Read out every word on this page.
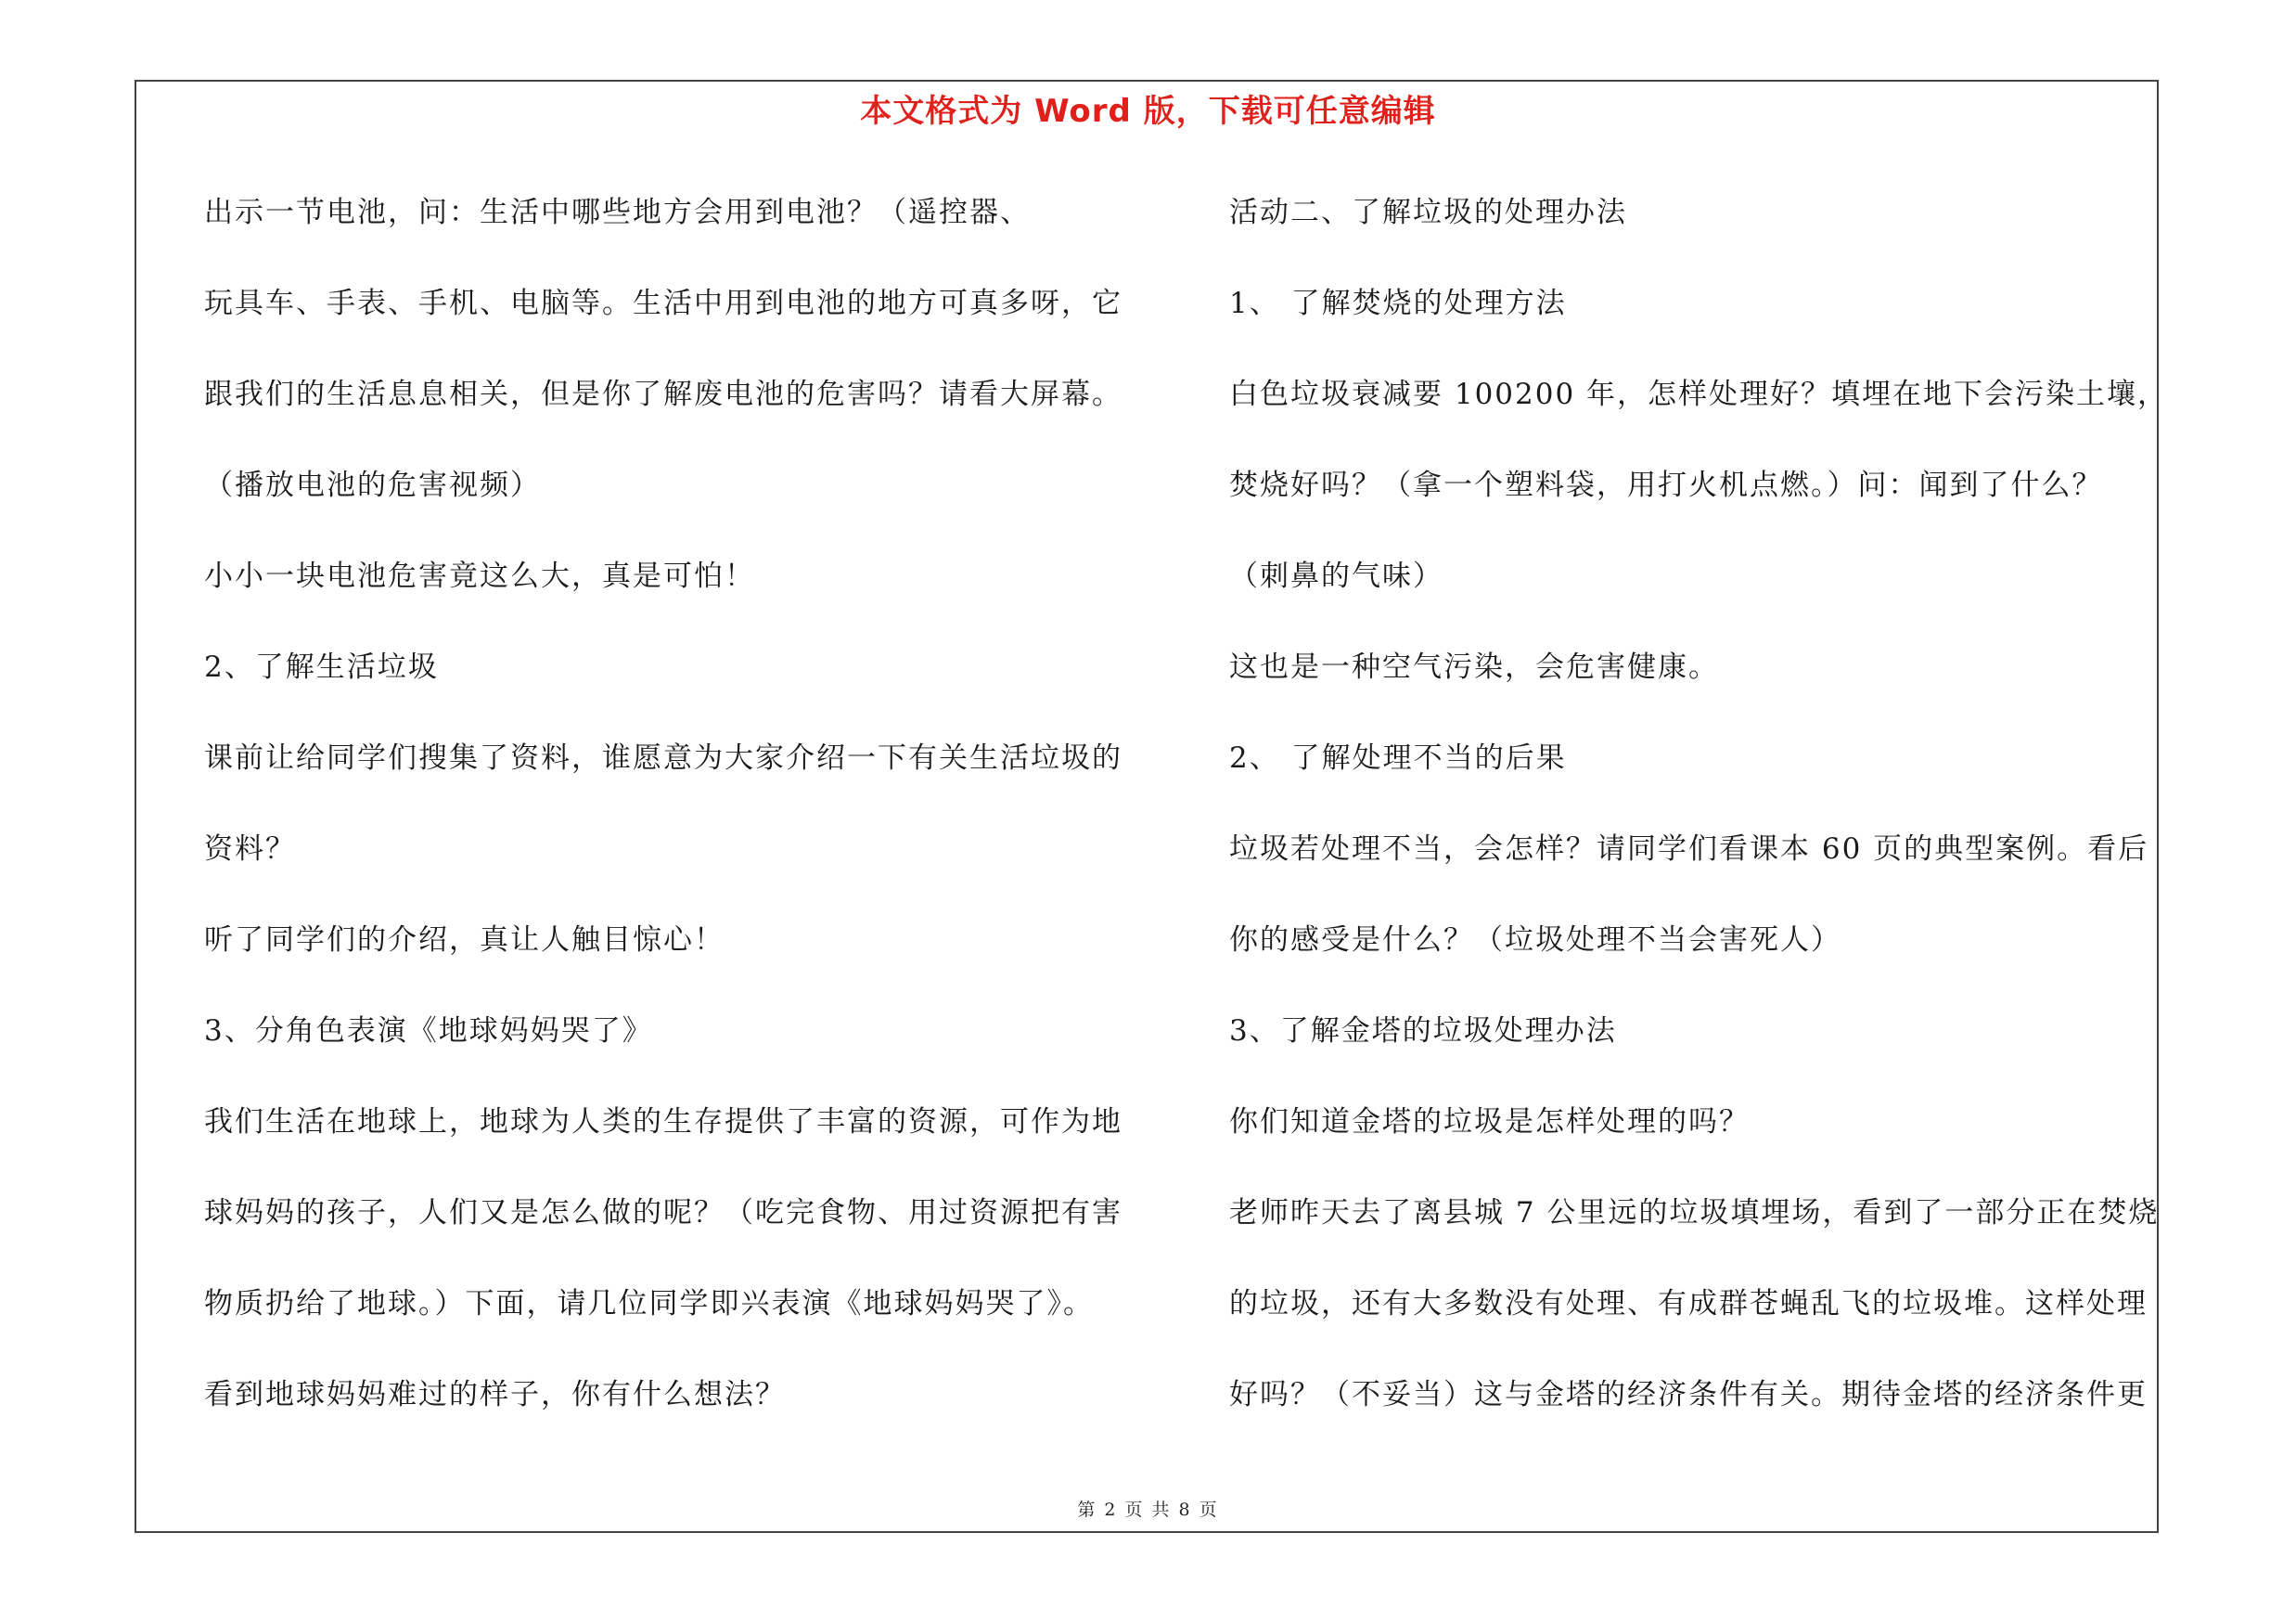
本文格式为 Word 版，下载可任意编辑
出示一节电池，问：生活中哪些地方会用到电池？（遥控器、
玩具车、手表、手机、电脑等。生活中用到电池的地方可真多呀，它
跟我们的生活息息相关，但是你了解废电池的危害吗？请看大屏幕。
（播放电池的危害视频）
小小一块电池危害竟这么大，真是可怕！
2、了解生活垃圾
课前让给同学们搜集了资料，谁愿意为大家介绍一下有关生活垃圾的
资料？
听了同学们的介绍，真让人触目惊心！
3、分角色表演《地球妈妈哭了》
我们生活在地球上，地球为人类的生存提供了丰富的资源，可作为地
球妈妈的孩子，人们又是怎么做的呢？（吃完食物、用过资源把有害
物质扔给了地球。）下面，请几位同学即兴表演《地球妈妈哭了》。
看到地球妈妈难过的样子，你有什么想法？
活动二、了解垃圾的处理办法
1、 了解焚烧的处理方法
白色垃圾衰减要 100200 年，怎样处理好？填埋在地下会污染土壤，
焚烧好吗？（拿一个塑料袋，用打火机点燃。）问：闻到了什么？
（刺鼻的气味）
这也是一种空气污染，会危害健康。
2、 了解处理不当的后果
垃圾若处理不当，会怎样？请同学们看课本 60 页的典型案例。看后
你的感受是什么？（垃圾处理不当会害死人）
3、了解金塔的垃圾处理办法
你们知道金塔的垃圾是怎样处理的吗？
老师昨天去了离县城 7 公里远的垃圾填埋场，看到了一部分正在焚烧
的垃圾，还有大多数没有处理、有成群苍蝇乱飞的垃圾堆。这样处理
好吗？（不妥当）这与金塔的经济条件有关。期待金塔的经济条件更
第 2 页 共 8 页
